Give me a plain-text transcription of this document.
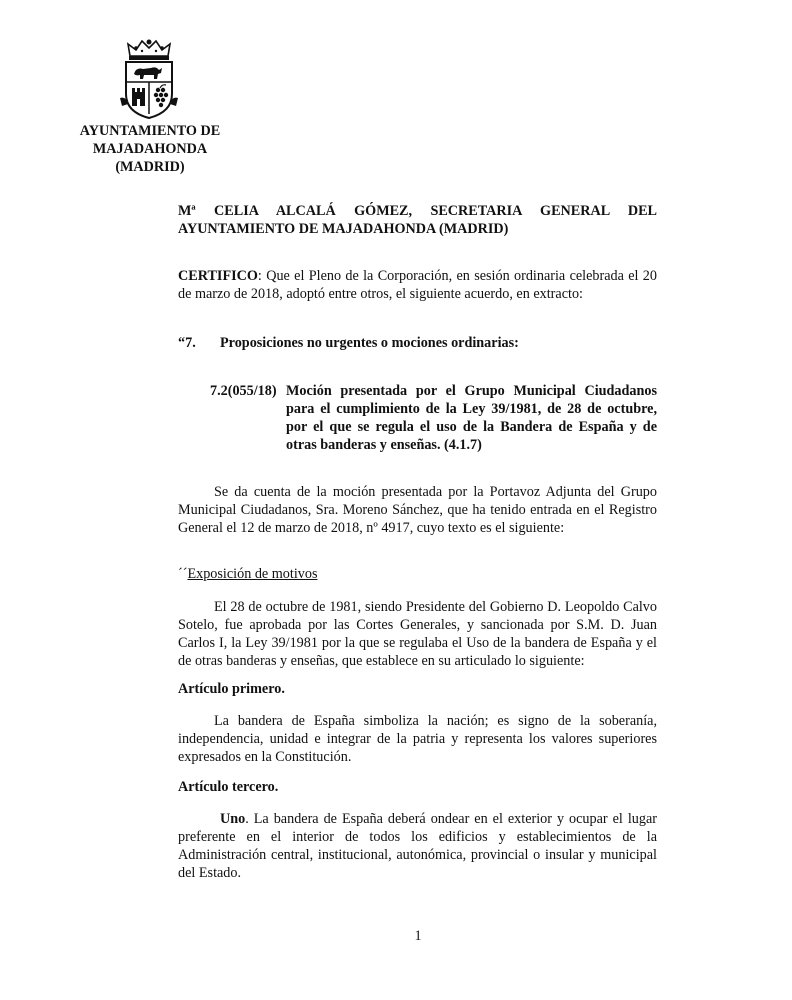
AYUNTAMIENTO DE
MAJADAHONDA
(MADRID)
Mª CELIA ALCALÁ GÓMEZ, SECRETARIA GENERAL DEL
AYUNTAMIENTO DE MAJADAHONDA (MADRID)
CERTIFICO: Que el Pleno de la Corporación, en sesión ordinaria celebrada el 20 de marzo de 2018, adoptó entre otros, el siguiente acuerdo, en extracto:
“7. Proposiciones no urgentes o mociones ordinarias:
7.2(055/18) Moción presentada por el Grupo Municipal Ciudadanos para el cumplimiento de la Ley 39/1981, de 28 de octubre, por el que se regula el uso de la Bandera de España y de otras banderas y enseñas. (4.1.7)
Se da cuenta de la moción presentada por la Portavoz Adjunta del Grupo Municipal Ciudadanos, Sra. Moreno Sánchez, que ha tenido entrada en el Registro General el 12 de marzo de 2018, nº 4917, cuyo texto es el siguiente:
´´Exposición de motivos
El 28 de octubre de 1981, siendo Presidente del Gobierno D. Leopoldo Calvo Sotelo, fue aprobada por las Cortes Generales, y sancionada por S.M. D. Juan Carlos I, la Ley 39/1981 por la que se regulaba el Uso de la bandera de España y el de otras banderas y enseñas, que establece en su articulado lo siguiente:
Artículo primero.
La bandera de España simboliza la nación; es signo de la soberanía, independencia, unidad e integrar de la patria y representa los valores superiores expresados en la Constitución.
Artículo tercero.
Uno. La bandera de España deberá ondear en el exterior y ocupar el lugar preferente en el interior de todos los edificios y establecimientos de la Administración central, institucional, autonómica, provincial o insular y municipal del Estado.
1
